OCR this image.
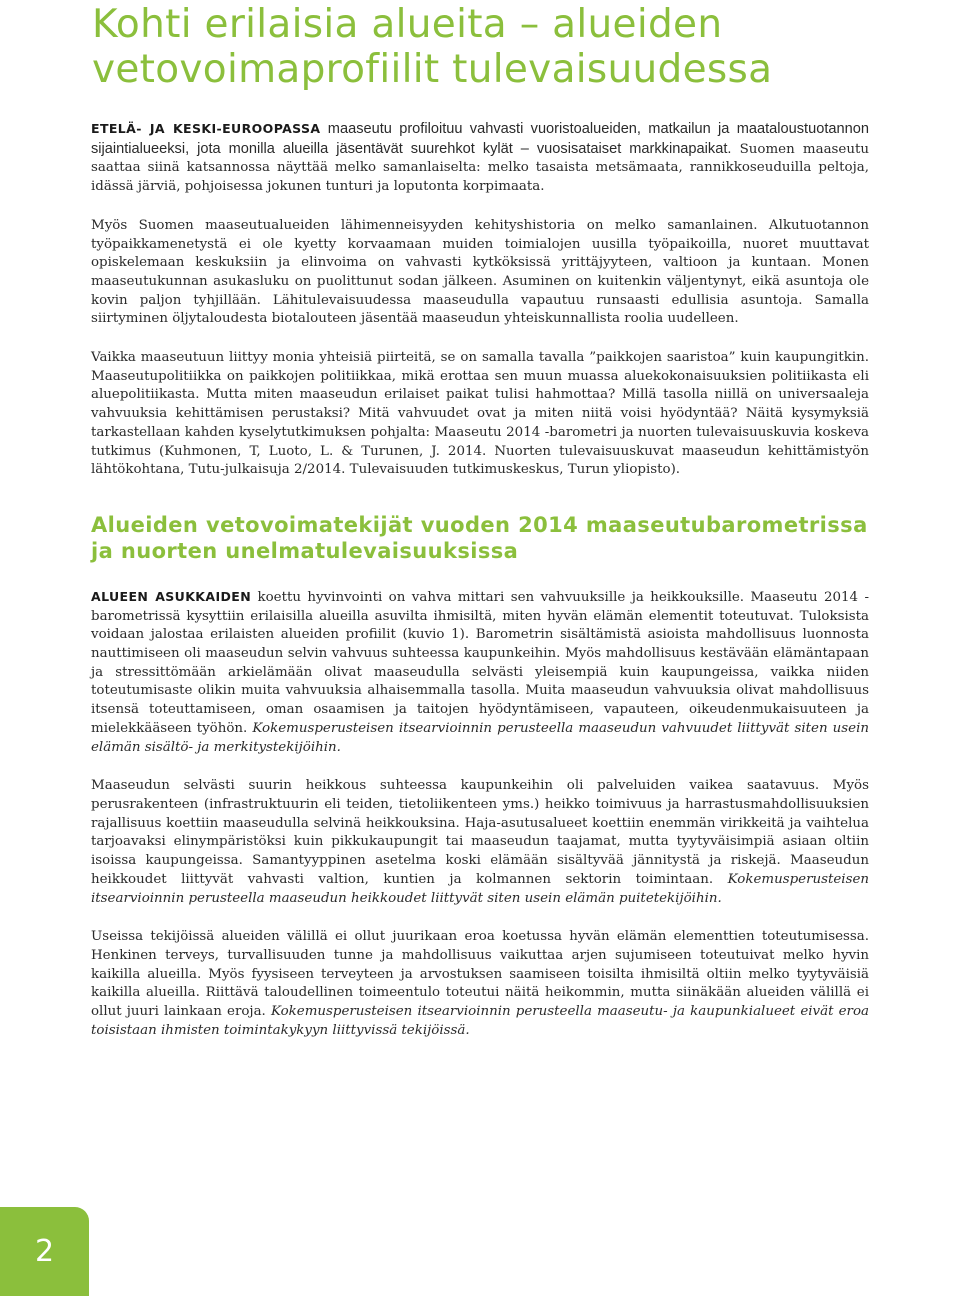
Kohti erilaisia alueita – alueiden vetovoimaprofiilit tulevaisuudessa

ETELÄ- JA KESKI-EUROOPASSA maaseutu profiloituu vahvasti vuoristoalueiden, matkailun ja maataloustuotannon sijaintialueeksi, jota monilla alueilla jäsentävät suurehkot kylät – vuosisataiset markkinapaikat. Suomen maaseutu saattaa siinä katsannossa näyttää melko samanlaiselta: melko tasaista metsämaata, rannikkoseuduilla peltoja, idässä järviä, pohjoisessa jokunen tunturi ja loputonta korpimaata.

Myös Suomen maaseutualueiden lähimenneisyyden kehityshistoria on melko samanlainen. Alkutuotannon työpaikkamenetystä ei ole kyetty korvaamaan muiden toimialojen uusilla työpaikoilla, nuoret muuttavat opiskelemaan keskuksiin ja elinvoima on vahvasti kytköksissä yrittäjyyteen, valtioon ja kuntaan. Monen maaseutukunnan asukasluku on puolittunut sodan jälkeen. Asuminen on kuitenkin väljentynyt, eikä asuntoja ole kovin paljon tyhjillään. Lähitulevaisuudessa maaseudulla vapautuu runsaasti edullisia asuntoja. Samalla siirtyminen öljytaloudesta biotalouteen jäsentää maaseudun yhteiskunnallista roolia uudelleen.

Vaikka maaseutuun liittyy monia yhteisiä piirteitä, se on samalla tavalla ”paikkojen saaristoa” kuin kaupungitkin. Maaseutupolitiikka on paikkojen politiikkaa, mikä erottaa sen muun muassa aluekokonaisuuksien politiikasta eli aluepolitiikasta. Mutta miten maaseudun erilaiset paikat tulisi hahmottaa? Millä tasolla niillä on universaaleja vahvuuksia kehittämisen perustaksi? Mitä vahvuudet ovat ja miten niitä voisi hyödyntää? Näitä kysymyksiä tarkastellaan kahden kyselytutkimuksen pohjalta: Maaseutu 2014 -barometri ja nuorten tulevaisuuskuvia koskeva tutkimus (Kuhmonen, T, Luoto, L. & Turunen, J. 2014. Nuorten tulevaisuuskuvat maaseudun kehittämistyön lähtökohtana, Tutu-julkaisuja 2/2014. Tulevaisuuden tutkimuskeskus, Turun yliopisto).

Alueiden vetovoimatekijät vuoden 2014 maaseutubarometrissa ja nuorten unelmatulevaisuuksissa

ALUEEN ASUKKAIDEN koettu hyvinvointi on vahva mittari sen vahvuuksille ja heikkouksille. Maaseutu 2014 -barometrissä kysyttiin erilaisilla alueilla asuvilta ihmisiltä, miten hyvän elämän elementit toteutuvat. Tuloksista voidaan jalostaa erilaisten alueiden profiilit (kuvio 1). Barometrin sisältämistä asioista mahdollisuus luonnosta nauttimiseen oli maaseudun selvin vahvuus suhteessa kaupunkeihin. Myös mahdollisuus kestävään elämäntapaan ja stressittömään arkielämään olivat maaseudulla selvästi yleisempiä kuin kaupungeissa, vaikka niiden toteutumisaste olikin muita vahvuuksia alhaisemmalla tasolla. Muita maaseudun vahvuuksia olivat mahdollisuus itsensä toteuttamiseen, oman osaamisen ja taitojen hyödyntämiseen, vapauteen, oikeudenmukaisuuteen ja mielekkääseen työhön. Kokemusperusteisen itsearvioinnin perusteella maaseudun vahvuudet liittyvät siten usein elämän sisältö- ja merkitystekijöihin.

Maaseudun selvästi suurin heikkous suhteessa kaupunkeihin oli palveluiden vaikea saatavuus. Myös perusrakenteen (infrastruktuurin eli teiden, tietoliikenteen yms.) heikko toimivuus ja harrastusmahdollisuuksien rajallisuus koettiin maaseudulla selvinä heikkouksina. Haja-asutusalueet koettiin enemmän virikkeitä ja vaihtelua tarjoavaksi elinympäristöksi kuin pikkukaupungit tai maaseudun taajamat, mutta tyytyväisimpiä asiaan oltiin isoissa kaupungeissa. Samantyyppinen asetelma koski elämään sisältyvää jännitystä ja riskejä. Maaseudun heikkoudet liittyvät vahvasti valtion, kuntien ja kolmannen sektorin toimintaan. Kokemusperusteisen itsearvioinnin perusteella maaseudun heikkoudet liittyvät siten usein elämän puitetekijöihin.

Useissa tekijöissä alueiden välillä ei ollut juurikaan eroa koetussa hyvän elämän elementtien toteutumisessa. Henkinen terveys, turvallisuuden tunne ja mahdollisuus vaikuttaa arjen sujumiseen toteutuivat melko hyvin kaikilla alueilla. Myös fyysiseen terveyteen ja arvostuksen saamiseen toisilta ihmisiltä oltiin melko tyytyväisiä kaikilla alueilla. Riittävä taloudellinen toimeentulo toteutui näitä heikommin, mutta siinäkään alueiden välillä ei ollut juuri lainkaan eroja. Kokemusperusteisen itsearvioinnin perusteella maaseutu- ja kaupunkialueet eivät eroa toisistaan ihmisten toimintakykyyn liittyvissä tekijöissä.

2
